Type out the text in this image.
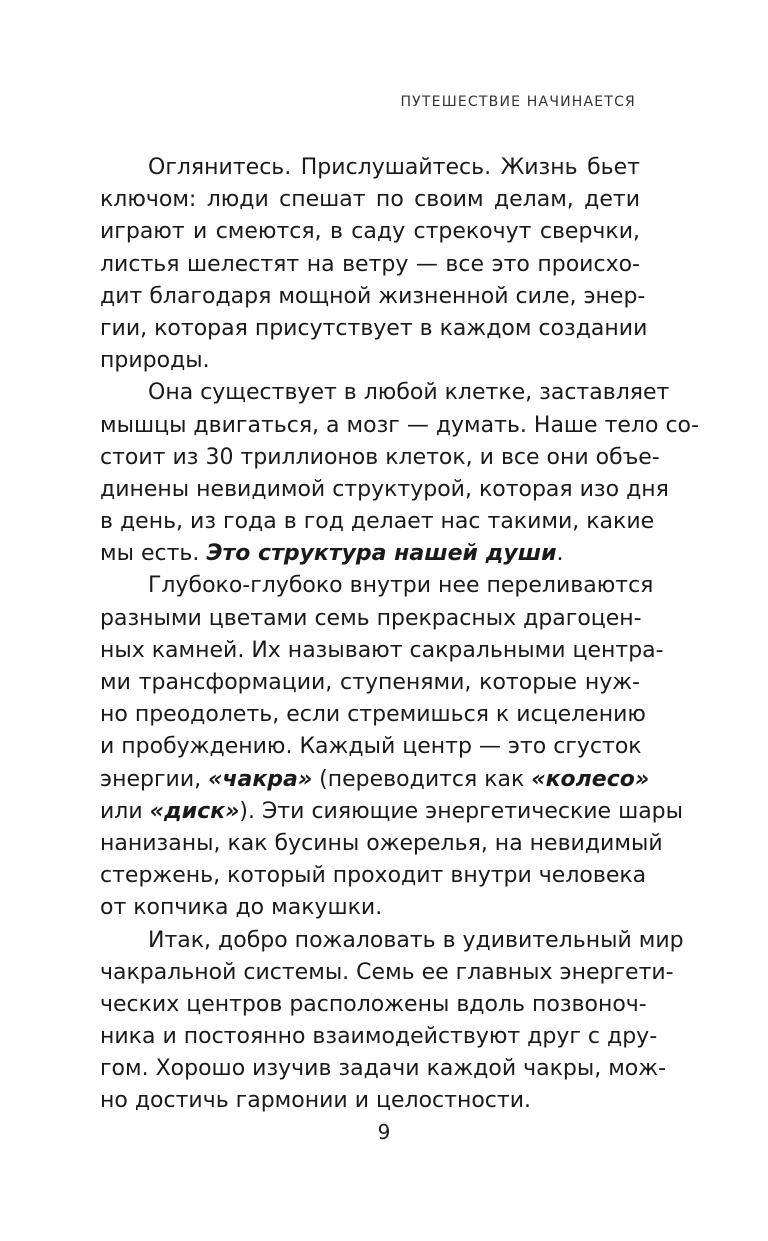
ПУТЕШЕСТВИЕ НАЧИНАЕТСЯ
Оглянитесь. Прислушайтесь. Жизнь бьет
ключом: люди спешат по своим делам, дети
играют и смеются, в саду стрекочут сверчки,
листья шелестят на ветру — все это происхо-
дит благодаря мощной жизненной силе, энер-
гии, которая присутствует в каждом создании
природы.
Она существует в любой клетке, заставляет
мышцы двигаться, а мозг — думать. Наше тело со-
стоит из 30 триллионов клеток, и все они объе-
динены невидимой структурой, которая изо дня
в день, из года в год делает нас такими, какие
мы есть. Это структура нашей души.
Глубоко-глубоко внутри нее переливаются
разными цветами семь прекрасных драгоцен-
ных камней. Их называют сакральными центра-
ми трансформации, ступенями, которые нуж-
но преодолеть, если стремишься к исцелению
и пробуждению. Каждый центр — это сгусток
энергии, «чакра» (переводится как «колесо»
или «диск»). Эти сияющие энергетические шары
нанизаны, как бусины ожерелья, на невидимый
стержень, который проходит внутри человека
от копчика до макушки.
Итак, добро пожаловать в удивительный мир
чакральной системы. Семь ее главных энергети-
ческих центров расположены вдоль позвоноч-
ника и постоянно взаимодействуют друг с дру-
гом. Хорошо изучив задачи каждой чакры, мож-
но достичь гармонии и целостности.
9
